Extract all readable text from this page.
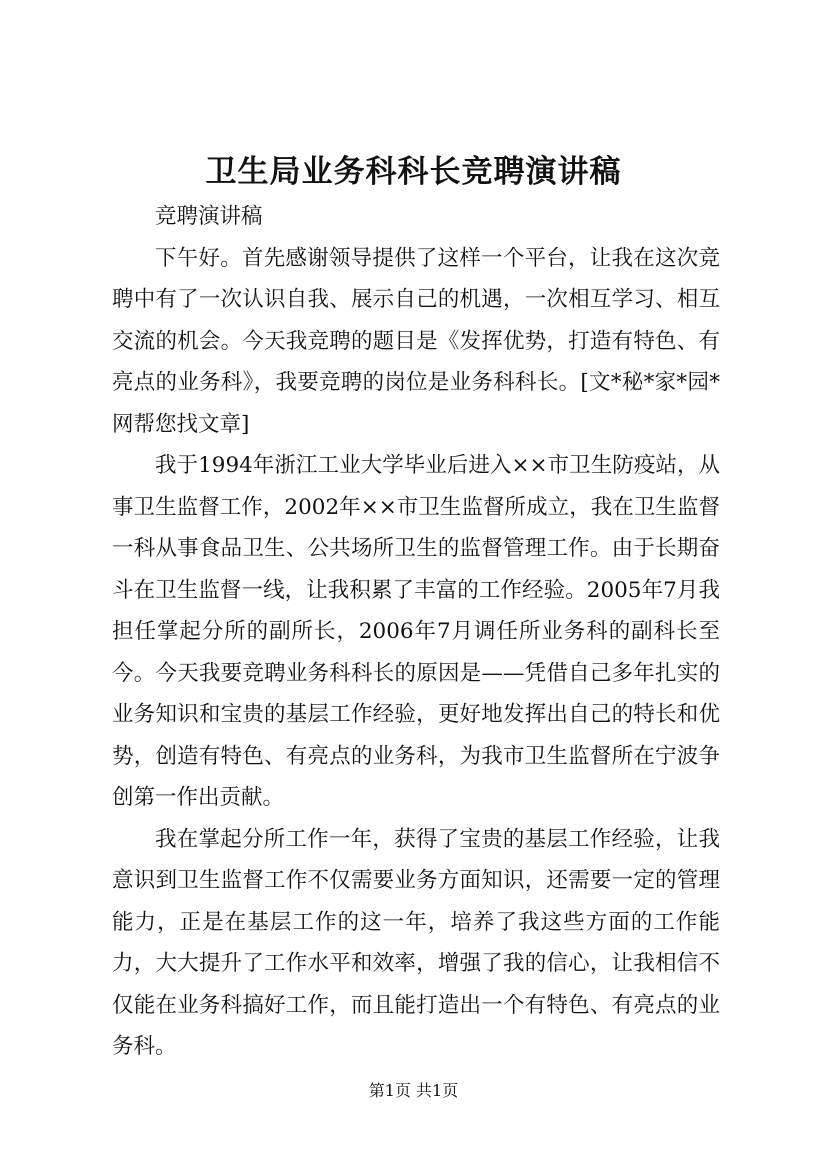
卫生局业务科科长竞聘演讲稿

竞聘演讲稿

下午好。首先感谢领导提供了这样一个平台，让我在这次竞聘中有了一次认识自我、展示自己的机遇，一次相互学习、相互交流的机会。今天我竞聘的题目是《发挥优势，打造有特色、有亮点的业务科》，我要竞聘的岗位是业务科科长。[文*秘*家*园*网帮您找文章]

我于1994年浙江工业大学毕业后进入××市卫生防疫站，从事卫生监督工作，2002年××市卫生监督所成立，我在卫生监督一科从事食品卫生、公共场所卫生的监督管理工作。由于长期奋斗在卫生监督一线，让我积累了丰富的工作经验。2005年7月我担任掌起分所的副所长，2006年7月调任所业务科的副科长至今。今天我要竞聘业务科科长的原因是——凭借自己多年扎实的业务知识和宝贵的基层工作经验，更好地发挥出自己的特长和优势，创造有特色、有亮点的业务科，为我市卫生监督所在宁波争创第一作出贡献。

我在掌起分所工作一年，获得了宝贵的基层工作经验，让我意识到卫生监督工作不仅需要业务方面知识，还需要一定的管理能力，正是在基层工作的这一年，培养了我这些方面的工作能力，大大提升了工作水平和效率，增强了我的信心，让我相信不仅能在业务科搞好工作，而且能打造出一个有特色、有亮点的业务科。

第1页 共1页
